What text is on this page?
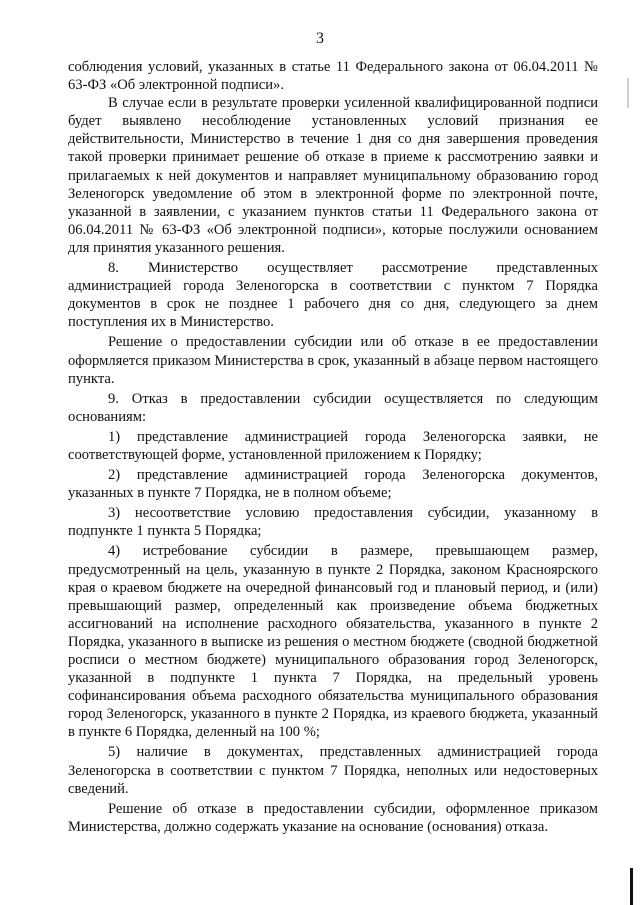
3

соблюдения условий, указанных в статье 11 Федерального закона от 06.04.2011 № 63-ФЗ «Об электронной подписи».

В случае если в результате проверки усиленной квалифицированной подписи будет выявлено несоблюдение установленных условий признания ее действительности, Министерство в течение 1 дня со дня завершения проведения такой проверки принимает решение об отказе в приеме к рассмотрению заявки и прилагаемых к ней документов и направляет муниципальному образованию город Зеленогорск уведомление об этом в электронной форме по электронной почте, указанной в заявлении, с указанием пунктов статьи 11 Федерального закона от 06.04.2011 № 63-ФЗ «Об электронной подписи», которые послужили основанием для принятия указанного решения.

8. Министерство осуществляет рассмотрение представленных администрацией города Зеленогорска в соответствии с пунктом 7 Порядка документов в срок не позднее 1 рабочего дня со дня, следующего за днем поступления их в Министерство.

Решение о предоставлении субсидии или об отказе в ее предоставлении оформляется приказом Министерства в срок, указанный в абзаце первом настоящего пункта.

9. Отказ в предоставлении субсидии осуществляется по следующим основаниям:

1) представление администрацией города Зеленогорска заявки, не соответствующей форме, установленной приложением к Порядку;

2) представление администрацией города Зеленогорска документов, указанных в пункте 7 Порядка, не в полном объеме;

3) несоответствие условию предоставления субсидии, указанному в подпункте 1 пункта 5 Порядка;

4) истребование субсидии в размере, превышающем размер, предусмотренный на цель, указанную в пункте 2 Порядка, законом Красноярского края о краевом бюджете на очередной финансовый год и плановый период, и (или) превышающий размер, определенный как произведение объема бюджетных ассигнований на исполнение расходного обязательства, указанного в пункте 2 Порядка, указанного в выписке из решения о местном бюджете (сводной бюджетной росписи о местном бюджете) муниципального образования город Зеленогорск, указанной в подпункте 1 пункта 7 Порядка, на предельный уровень софинансирования объема расходного обязательства муниципального образования город Зеленогорск, указанного в пункте 2 Порядка, из краевого бюджета, указанный в пункте 6 Порядка, деленный на 100 %;

5) наличие в документах, представленных администрацией города Зеленогорска в соответствии с пунктом 7 Порядка, неполных или недостоверных сведений.

Решение об отказе в предоставлении субсидии, оформленное приказом Министерства, должно содержать указание на основание (основания) отказа.
